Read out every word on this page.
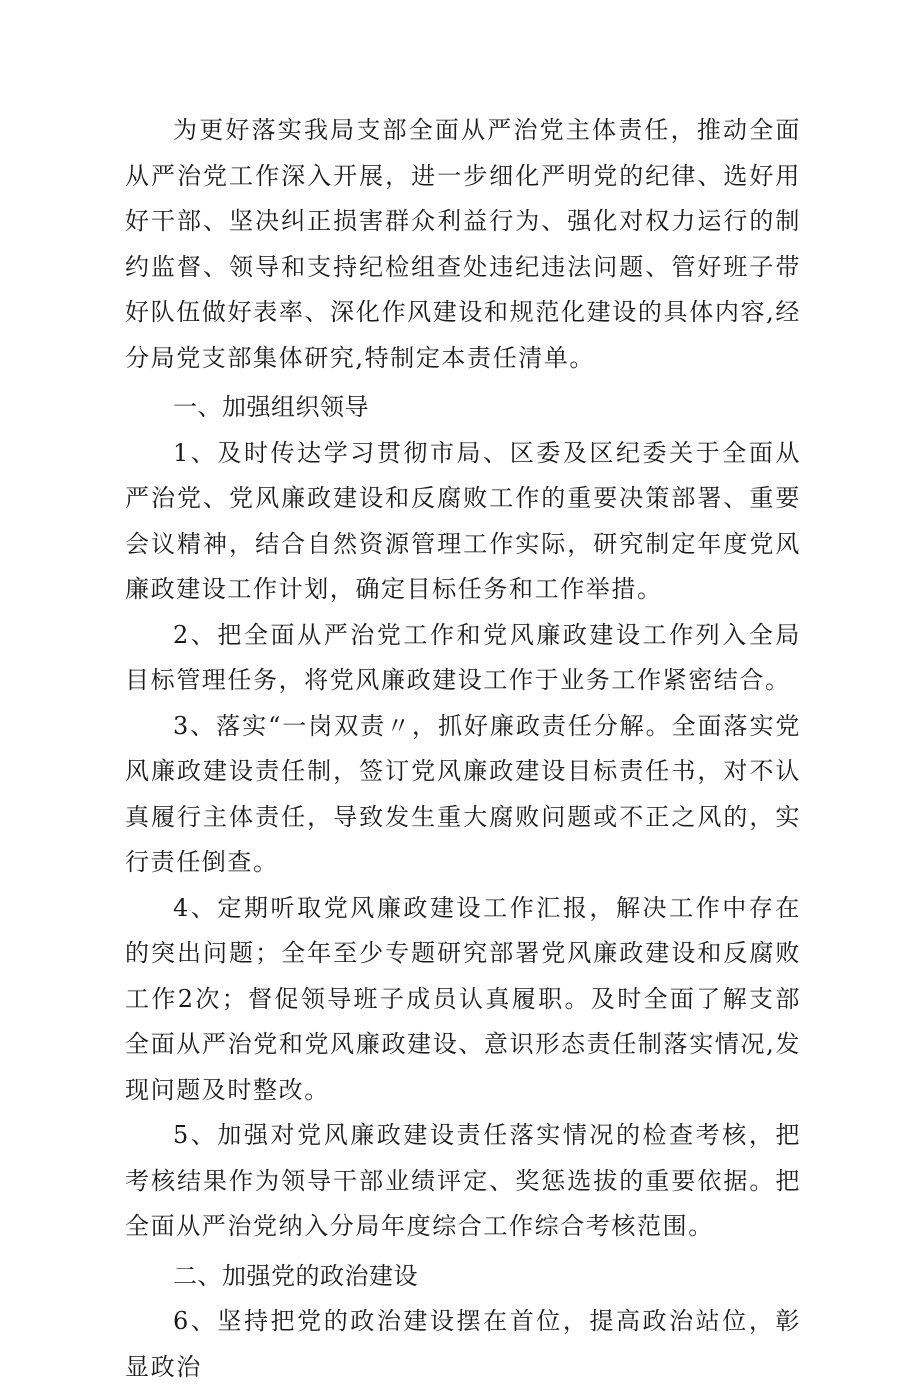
为更好落实我局支部全面从严治党主体责任，推动全面从严治党工作深入开展，进一步细化严明党的纪律、选好用好干部、坚决纠正损害群众利益行为、强化对权力运行的制约监督、领导和支持纪检组查处违纪违法问题、管好班子带好队伍做好表率、深化作风建设和规范化建设的具体内容,经分局党支部集体研究,特制定本责任清单。

一、加强组织领导

1、及时传达学习贯彻市局、区委及区纪委关于全面从严治党、党风廉政建设和反腐败工作的重要决策部署、重要会议精神，结合自然资源管理工作实际，研究制定年度党风廉政建设工作计划，确定目标任务和工作举措。

2、把全面从严治党工作和党风廉政建设工作列入全局目标管理任务，将党风廉政建设工作于业务工作紧密结合。

3、落实“一岗双责〃，抓好廉政责任分解。全面落实党风廉政建设责任制，签订党风廉政建设目标责任书，对不认真履行主体责任，导致发生重大腐败问题或不正之风的，实行责任倒查。

4、定期听取党风廉政建设工作汇报，解决工作中存在的突出问题；全年至少专题研究部署党风廉政建设和反腐败工作2次；督促领导班子成员认真履职。及时全面了解支部全面从严治党和党风廉政建设、意识形态责任制落实情况,发现问题及时整改。

5、加强对党风廉政建设责任落实情况的检查考核，把考核结果作为领导干部业绩评定、奖惩选拔的重要依据。把全面从严治党纳入分局年度综合工作综合考核范围。

二、加强党的政治建设

6、坚持把党的政治建设摆在首位，提高政治站位，彰显政治
